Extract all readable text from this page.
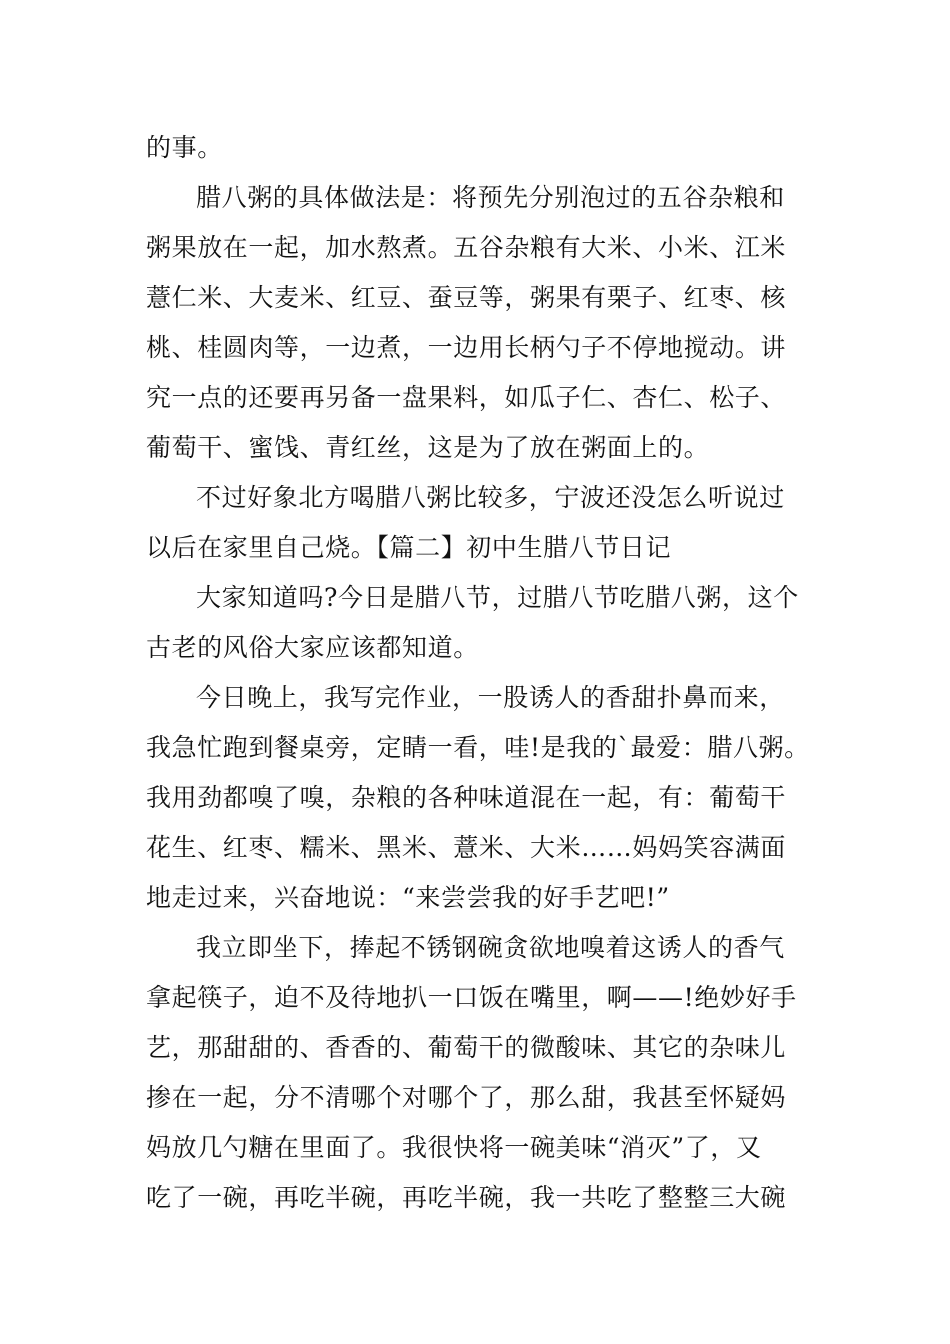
的事。
腊八粥的具体做法是：将预先分别泡过的五谷杂粮和
粥果放在一起，加水熬煮。五谷杂粮有大米、小米、江米
薏仁米、大麦米、红豆、蚕豆等，粥果有栗子、红枣、核
桃、桂圆肉等，一边煮，一边用长柄勺子不停地搅动。讲
究一点的还要再另备一盘果料，如瓜子仁、杏仁、松子、
葡萄干、蜜饯、青红丝，这是为了放在粥面上的。
不过好象北方喝腊八粥比较多，宁波还没怎么听说过
以后在家里自己烧。【篇二】初中生腊八节日记
大家知道吗?今日是腊八节，过腊八节吃腊八粥，这个
古老的风俗大家应该都知道。
今日晚上，我写完作业，一股诱人的香甜扑鼻而来，
我急忙跑到餐桌旁，定睛一看，哇!是我的`最爱：腊八粥。
我用劲都嗅了嗅，杂粮的各种味道混在一起，有：葡萄干
花生、红枣、糯米、黑米、薏米、大米……妈妈笑容满面
地走过来，兴奋地说：“来尝尝我的好手艺吧!”
我立即坐下，捧起不锈钢碗贪欲地嗅着这诱人的香气
拿起筷子，迫不及待地扒一口饭在嘴里，啊——!绝妙好手
艺，那甜甜的、香香的、葡萄干的微酸味、其它的杂味儿
掺在一起，分不清哪个对哪个了，那么甜，我甚至怀疑妈
妈放几勺糖在里面了。我很快将一碗美味“消灭”了，又
吃了一碗，再吃半碗，再吃半碗，我一共吃了整整三大碗
